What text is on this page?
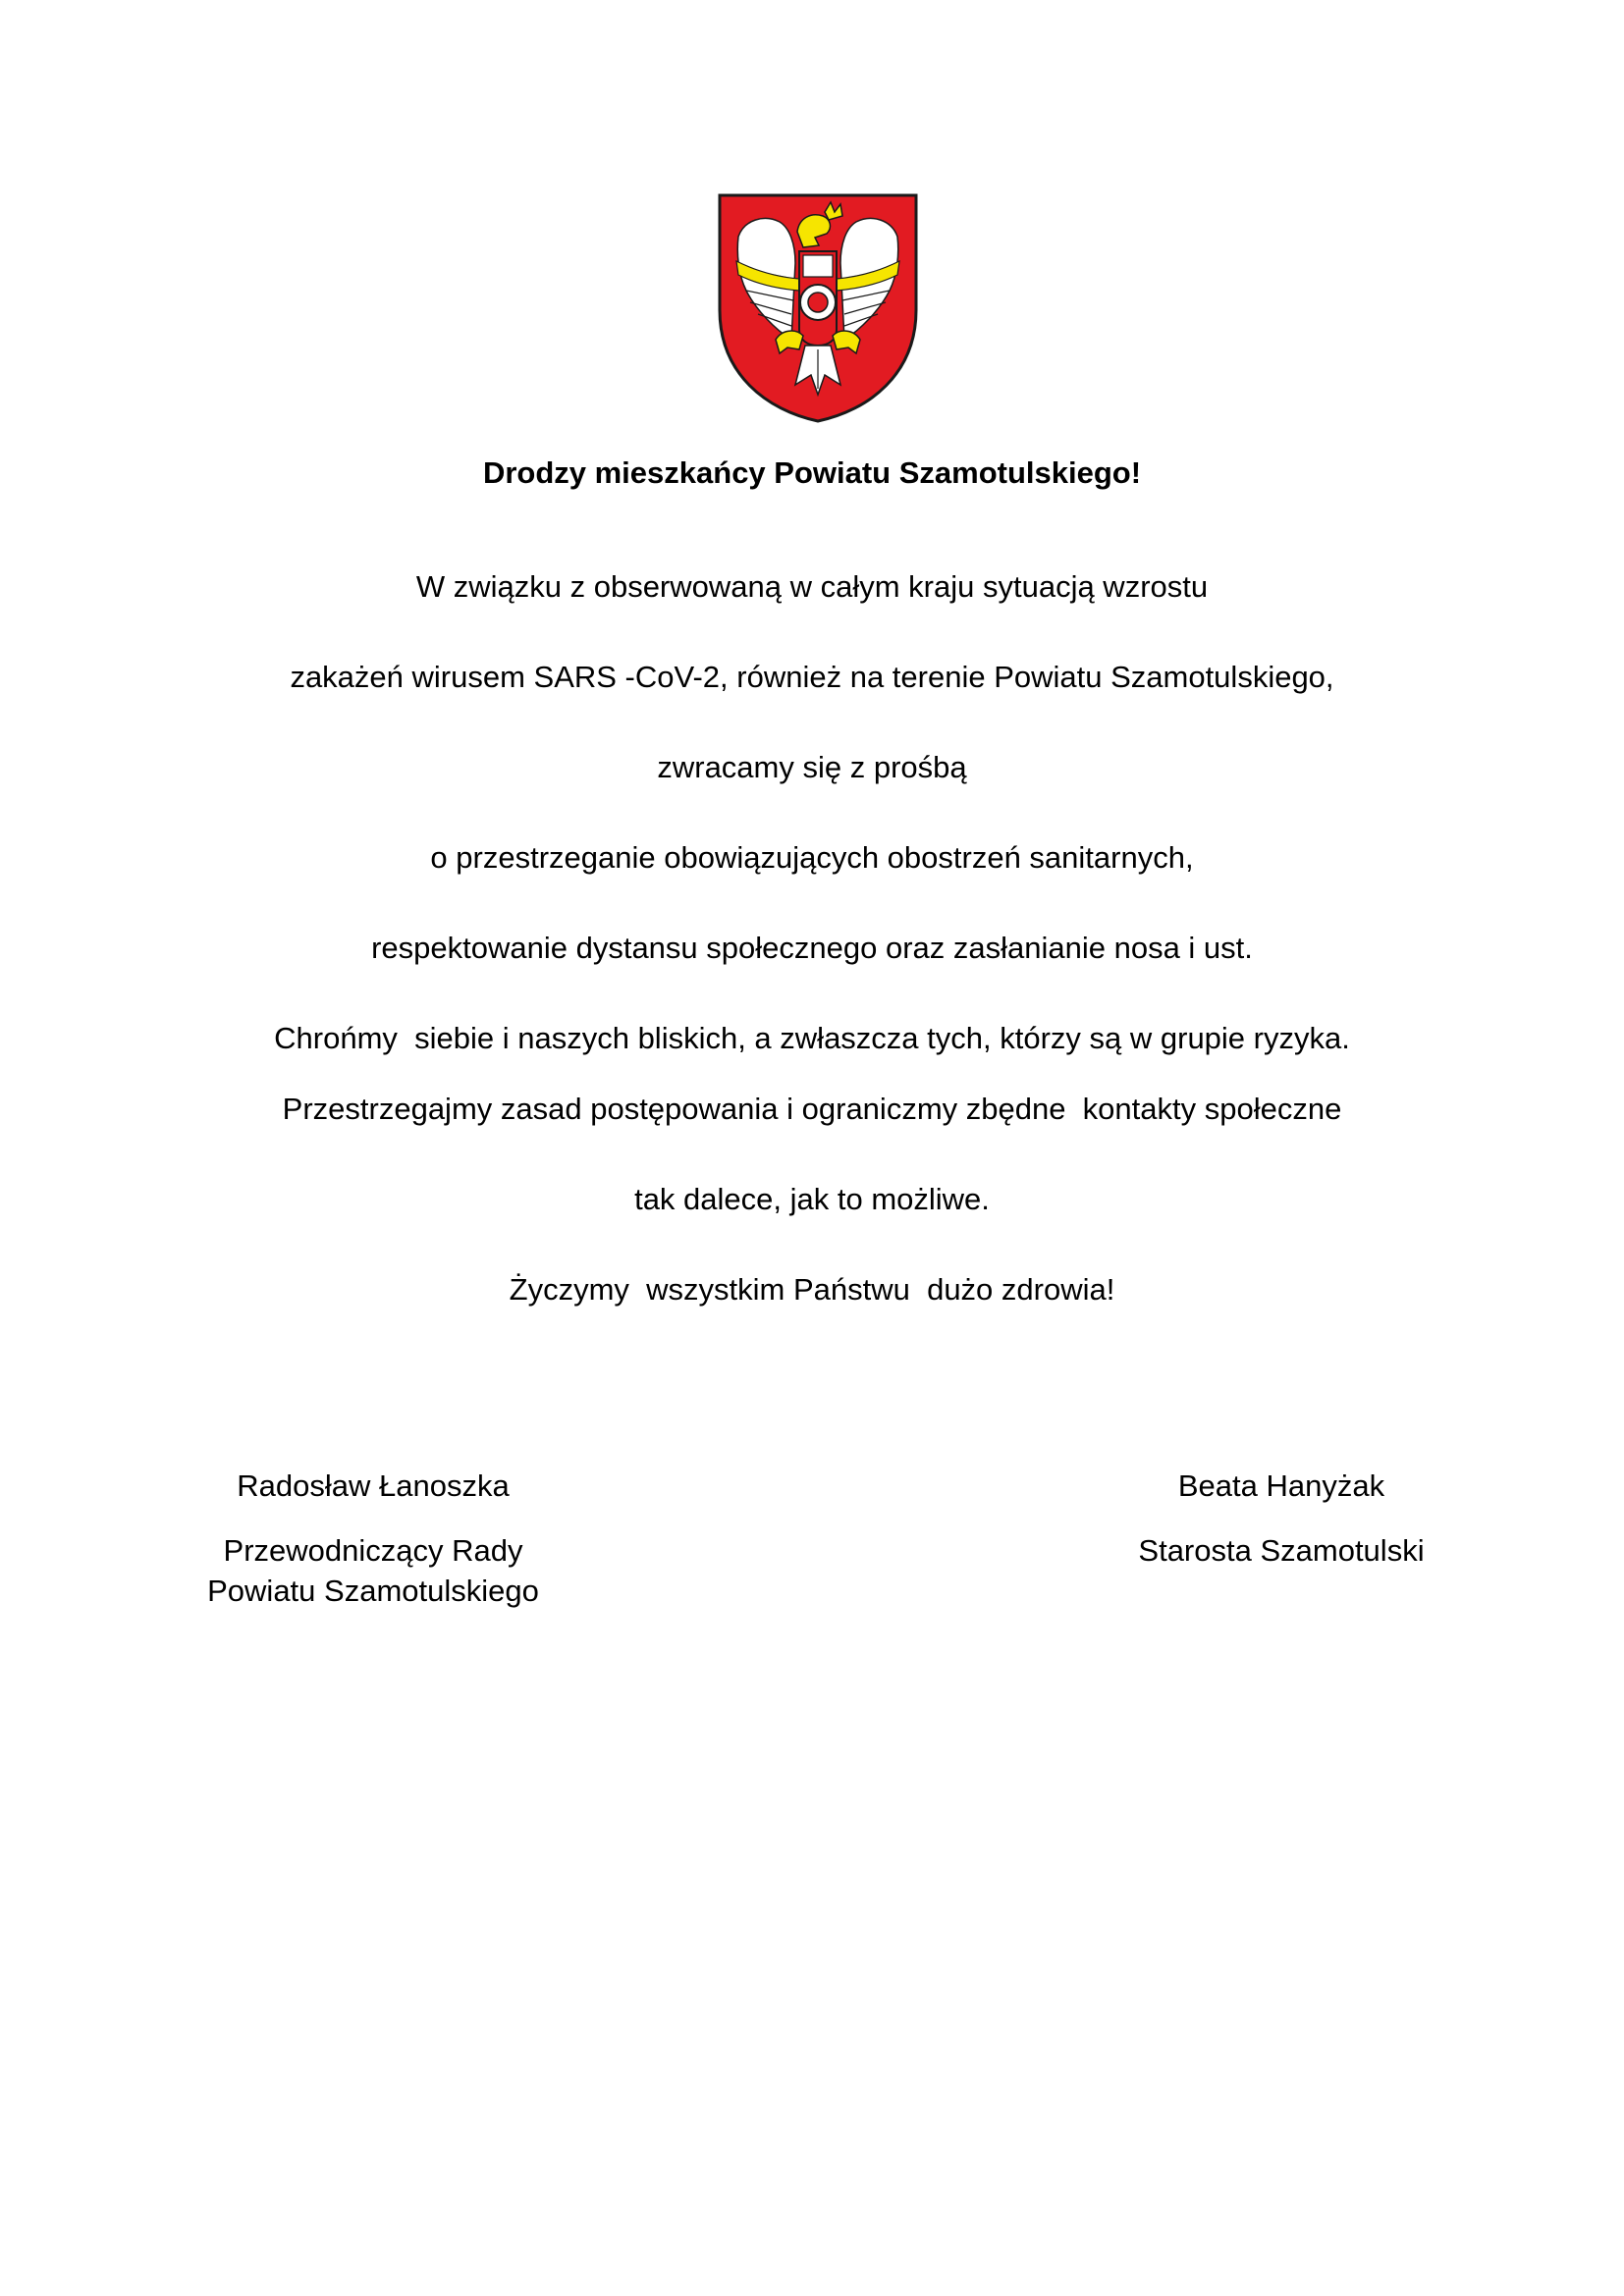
Drodzy mieszkańcy Powiatu Szamotulskiego!

W związku z obserwowaną w całym kraju sytuacją wzrostu

zakażeń wirusem SARS -CoV-2, również na terenie Powiatu Szamotulskiego,

zwracamy się z prośbą

o przestrzeganie obowiązujących obostrzeń sanitarnych,

respektowanie dystansu społecznego oraz zasłanianie nosa i ust.

Chrońmy  siebie i naszych bliskich, a zwłaszcza tych, którzy są w grupie ryzyka.

Przestrzegajmy zasad postępowania i ograniczmy zbędne  kontakty społeczne

tak dalece, jak to możliwe.

Życzymy  wszystkim Państwu  dużo zdrowia!

Radosław Łanoszka
Przewodniczący Rady
Powiatu Szamotulskiego
Beata Hanyżak
Starosta Szamotulski
